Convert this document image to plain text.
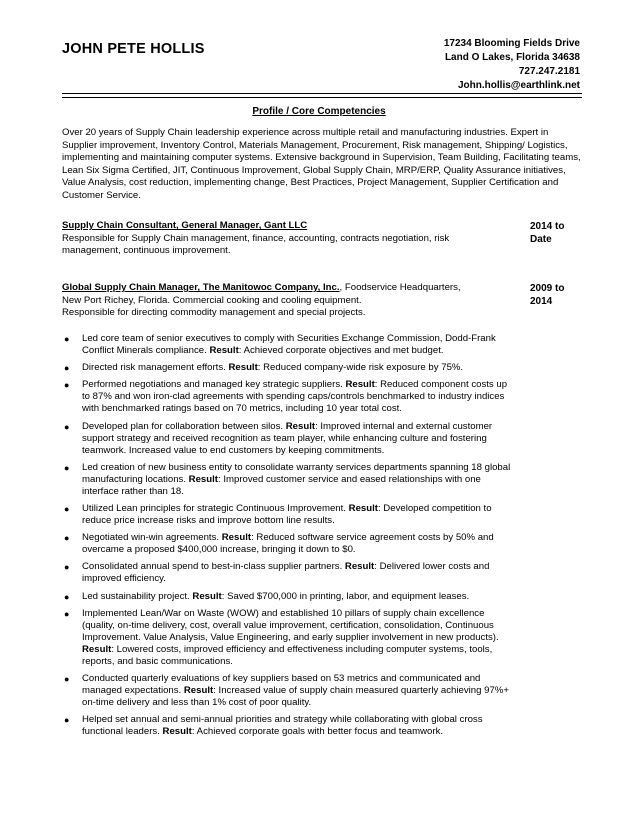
JOHN PETE HOLLIS	17234 Blooming Fields Drive
Land O Lakes, Florida 34638
727.247.2181
John.hollis@earthlink.net
Profile / Core Competencies
Over 20 years of Supply Chain leadership experience across multiple retail and manufacturing industries. Expert in Supplier improvement, Inventory Control, Materials Management, Procurement, Risk management, Shipping/ Logistics, implementing and maintaining computer systems. Extensive background in Supervision, Team Building, Facilitating teams, Lean Six Sigma Certified, JIT, Continuous Improvement, Global Supply Chain, MRP/ERP, Quality Assurance initiatives, Value Analysis, cost reduction, implementing change, Best Practices, Project Management, Supplier Certification and Customer Service.
Supply Chain Consultant, General Manager, Gant LLC
Responsible for Supply Chain management, finance, accounting, contracts negotiation, risk management, continuous improvement.
2014 to Date
Global Supply Chain Manager, The Manitowoc Company, Inc., Foodservice Headquarters,
New Port Richey, Florida. Commercial cooking and cooling equipment.
Responsible for directing commodity management and special projects.
2009 to 2014
● Led core team of senior executives to comply with Securities Exchange Commission, Dodd-Frank Conflict Minerals compliance. Result: Achieved corporate objectives and met budget.
● Directed risk management efforts. Result: Reduced company-wide risk exposure by 75%.
● Performed negotiations and managed key strategic suppliers. Result: Reduced component costs up to 87% and won iron-clad agreements with spending caps/controls benchmarked to industry indices with benchmarked ratings based on 70 metrics, including 10 year total cost.
● Developed plan for collaboration between silos. Result: Improved internal and external customer support strategy and received recognition as team player, while enhancing culture and fostering teamwork. Increased value to end customers by keeping commitments.
● Led creation of new business entity to consolidate warranty services departments spanning 18 global manufacturing locations. Result: Improved customer service and eased relationships with one interface rather than 18.
● Utilized Lean principles for strategic Continuous Improvement. Result: Developed competition to reduce price increase risks and improve bottom line results.
● Negotiated win-win agreements. Result: Reduced software service agreement costs by 50% and overcame a proposed $400,000 increase, bringing it down to $0.
● Consolidated annual spend to best-in-class supplier partners. Result: Delivered lower costs and improved efficiency.
● Led sustainability project. Result: Saved $700,000 in printing, labor, and equipment leases.
● Implemented Lean/War on Waste (WOW) and established 10 pillars of supply chain excellence (quality, on-time delivery, cost, overall value improvement, certification, consolidation, Continuous Improvement. Value Analysis, Value Engineering, and early supplier involvement in new products). Result: Lowered costs, improved efficiency and effectiveness including computer systems, tools, reports, and basic communications.
● Conducted quarterly evaluations of key suppliers based on 53 metrics and communicated and managed expectations. Result: Increased value of supply chain measured quarterly achieving 97%+ on-time delivery and less than 1% cost of poor quality.
● Helped set annual and semi-annual priorities and strategy while collaborating with global cross functional leaders. Result: Achieved corporate goals with better focus and teamwork.
